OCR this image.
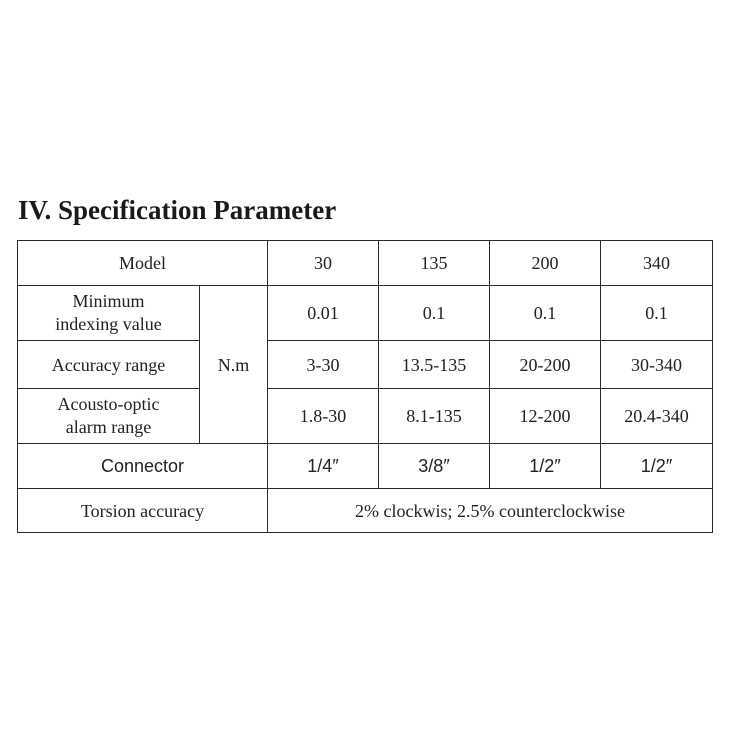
IV. Specification Parameter
Model		30	135	200	340
Minimum
indexing value	N.m	0.01	0.1	0.1	0.1
Accuracy range		3-30	13.5-135	20-200	30-340
Acousto-optic
alarm range		1.8-30	8.1-135	12-200	20.4-340
Connector		1/4″	3/8″	1/2″	1/2″
Torsion accuracy		2% clockwis; 2.5% counterclockwise			
